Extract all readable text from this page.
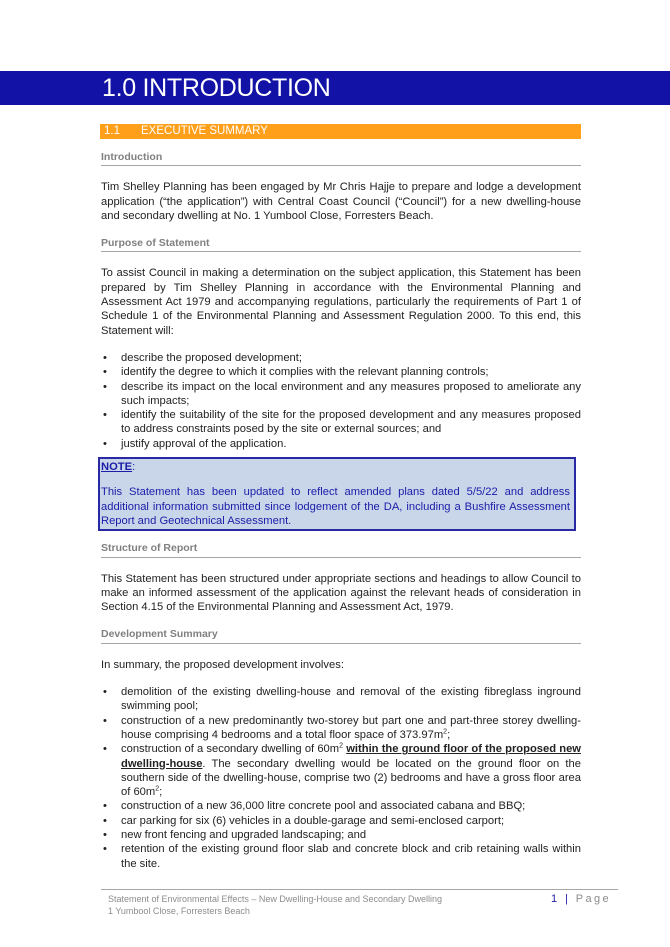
1.0 INTRODUCTION
1.1 EXECUTIVE SUMMARY
Introduction

Tim Shelley Planning has been engaged by Mr Chris Hajje to prepare and lodge a development application (“the application”) with Central Coast Council (“Council”) for a new dwelling-house and secondary dwelling at No. 1 Yumbool Close, Forresters Beach.

Purpose of Statement

To assist Council in making a determination on the subject application, this Statement has been prepared by Tim Shelley Planning in accordance with the Environmental Planning and Assessment Act 1979 and accompanying regulations, particularly the requirements of Part 1 of Schedule 1 of the Environmental Planning and Assessment Regulation 2000. To this end, this Statement will:

• describe the proposed development;
• identify the degree to which it complies with the relevant planning controls;
• describe its impact on the local environment and any measures proposed to ameliorate any such impacts;
• identify the suitability of the site for the proposed development and any measures proposed to address constraints posed by the site or external sources; and
• justify approval of the application.
NOTE:

This Statement has been updated to reflect amended plans dated 5/5/22 and address additional information submitted since lodgement of the DA, including a Bushfire Assessment Report and Geotechnical Assessment.

Structure of Report

This Statement has been structured under appropriate sections and headings to allow Council to make an informed assessment of the application against the relevant heads of consideration in Section 4.15 of the Environmental Planning and Assessment Act, 1979.

Development Summary

In summary, the proposed development involves:

• demolition of the existing dwelling-house and removal of the existing fibreglass inground swimming pool;
• construction of a new predominantly two-storey but part one and part-three storey dwelling-house comprising 4 bedrooms and a total floor space of $373.97m^2$;
• construction of a secondary dwelling of $60m^2$ within the ground floor of the proposed new dwelling-house. The secondary dwelling would be located on the ground floor on the southern side of the dwelling-house, comprise two (2) bedrooms and have a gross floor area of $60m^2$;
• construction of a new 36,000 litre concrete pool and associated cabana and BBQ;
• car parking for six (6) vehicles in a double-garage and semi-enclosed carport;
• new front fencing and upgraded landscaping; and
• retention of the existing ground floor slab and concrete block and crib retaining walls within the site.
Statement of Environmental Effects – New Dwelling-House and Secondary Dwelling
1 Yumbool Close, Forresters Beach
1 | Page
